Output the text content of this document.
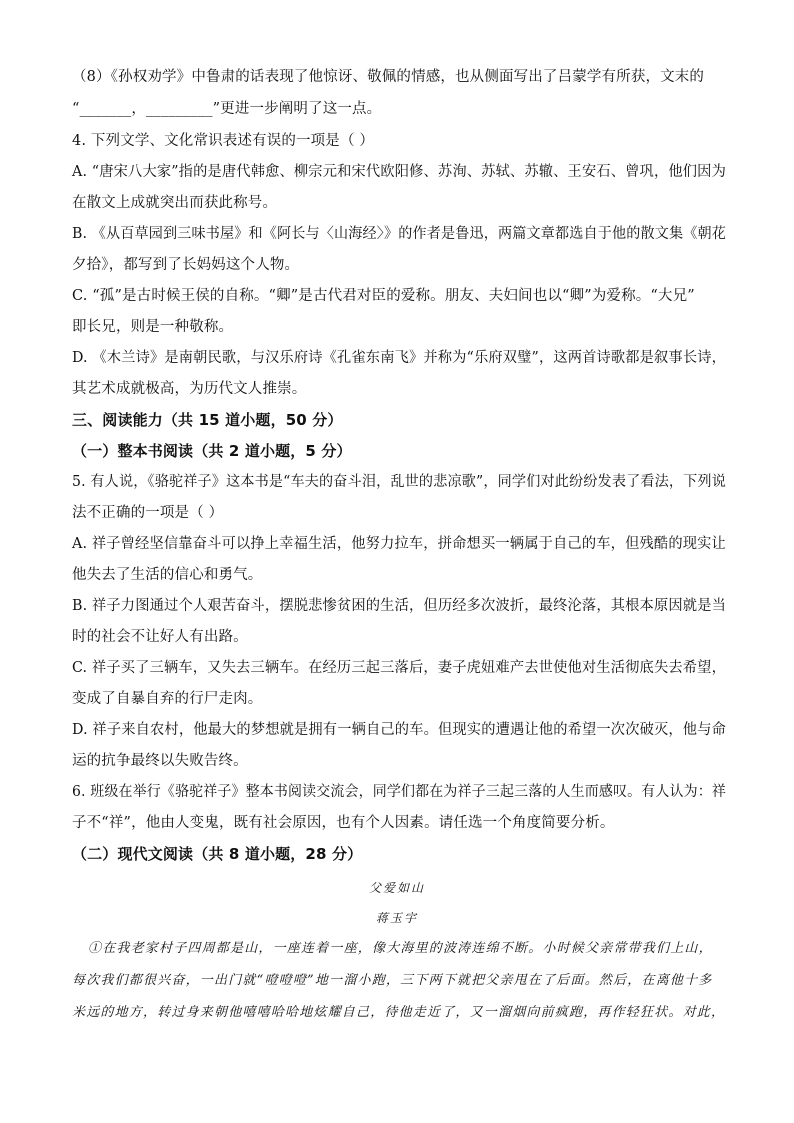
（8）《孙权劝学》中鲁肃的话表现了他惊讶、敬佩的情感，也从侧面写出了吕蒙学有所获，文末的
“_______，_________”更进一步阐明了这一点。
4. 下列文学、文化常识表述有误的一项是（ ）
A. “唐宋八大家”指的是唐代韩愈、柳宗元和宋代欧阳修、苏洵、苏轼、苏辙、王安石、曾巩，他们因为
在散文上成就突出而获此称号。
B. 《从百草园到三味书屋》和《阿长与〈山海经〉》的作者是鲁迅，两篇文章都选自于他的散文集《朝花
夕拾》，都写到了长妈妈这个人物。
C. “孤”是古时候王侯的自称。“卿”是古代君对臣的爱称。朋友、夫妇间也以“卿”为爱称。“大兄”
即长兄，则是一种敬称。
D. 《木兰诗》是南朝民歌，与汉乐府诗《孔雀东南飞》并称为“乐府双璧”，这两首诗歌都是叙事长诗，
其艺术成就极高，为历代文人推崇。
三、阅读能力（共 15 道小题，50 分）
（一）整本书阅读（共 2 道小题，5 分）
5. 有人说，《骆驼祥子》这本书是“车夫的奋斗泪，乱世的悲凉歌”，同学们对此纷纷发表了看法，下列说
法不正确的一项是（ ）
A. 祥子曾经坚信靠奋斗可以挣上幸福生活，他努力拉车，拼命想买一辆属于自己的车，但残酷的现实让
他失去了生活的信心和勇气。
B. 祥子力图通过个人艰苦奋斗，摆脱悲惨贫困的生活，但历经多次波折，最终沦落，其根本原因就是当
时的社会不让好人有出路。
C. 祥子买了三辆车，又失去三辆车。在经历三起三落后，妻子虎妞难产去世使他对生活彻底失去希望，
变成了自暴自弃的行尸走肉。
D. 祥子来自农村，他最大的梦想就是拥有一辆自己的车。但现实的遭遇让他的希望一次次破灭，他与命
运的抗争最终以失败告终。
6. 班级在举行《骆驼祥子》整本书阅读交流会，同学们都在为祥子三起三落的人生而感叹。有人认为：祥
子不“祥”，他由人变鬼，既有社会原因，也有个人因素。请任选一个角度简要分析。
（二）现代文阅读（共 8 道小题，28 分）
父爱如山
蒋玉宇
①在我老家村子四周都是山，一座连着一座，像大海里的波涛连绵不断。小时候父亲常带我们上山，
每次我们都很兴奋，一出门就“噔噔噔”地一溜小跑，三下两下就把父亲甩在了后面。然后，在离他十多
米远的地方，转过身来朝他嘻嘻哈哈地炫耀自己，待他走近了，又一溜烟向前疯跑，再作轻狂状。对此，
